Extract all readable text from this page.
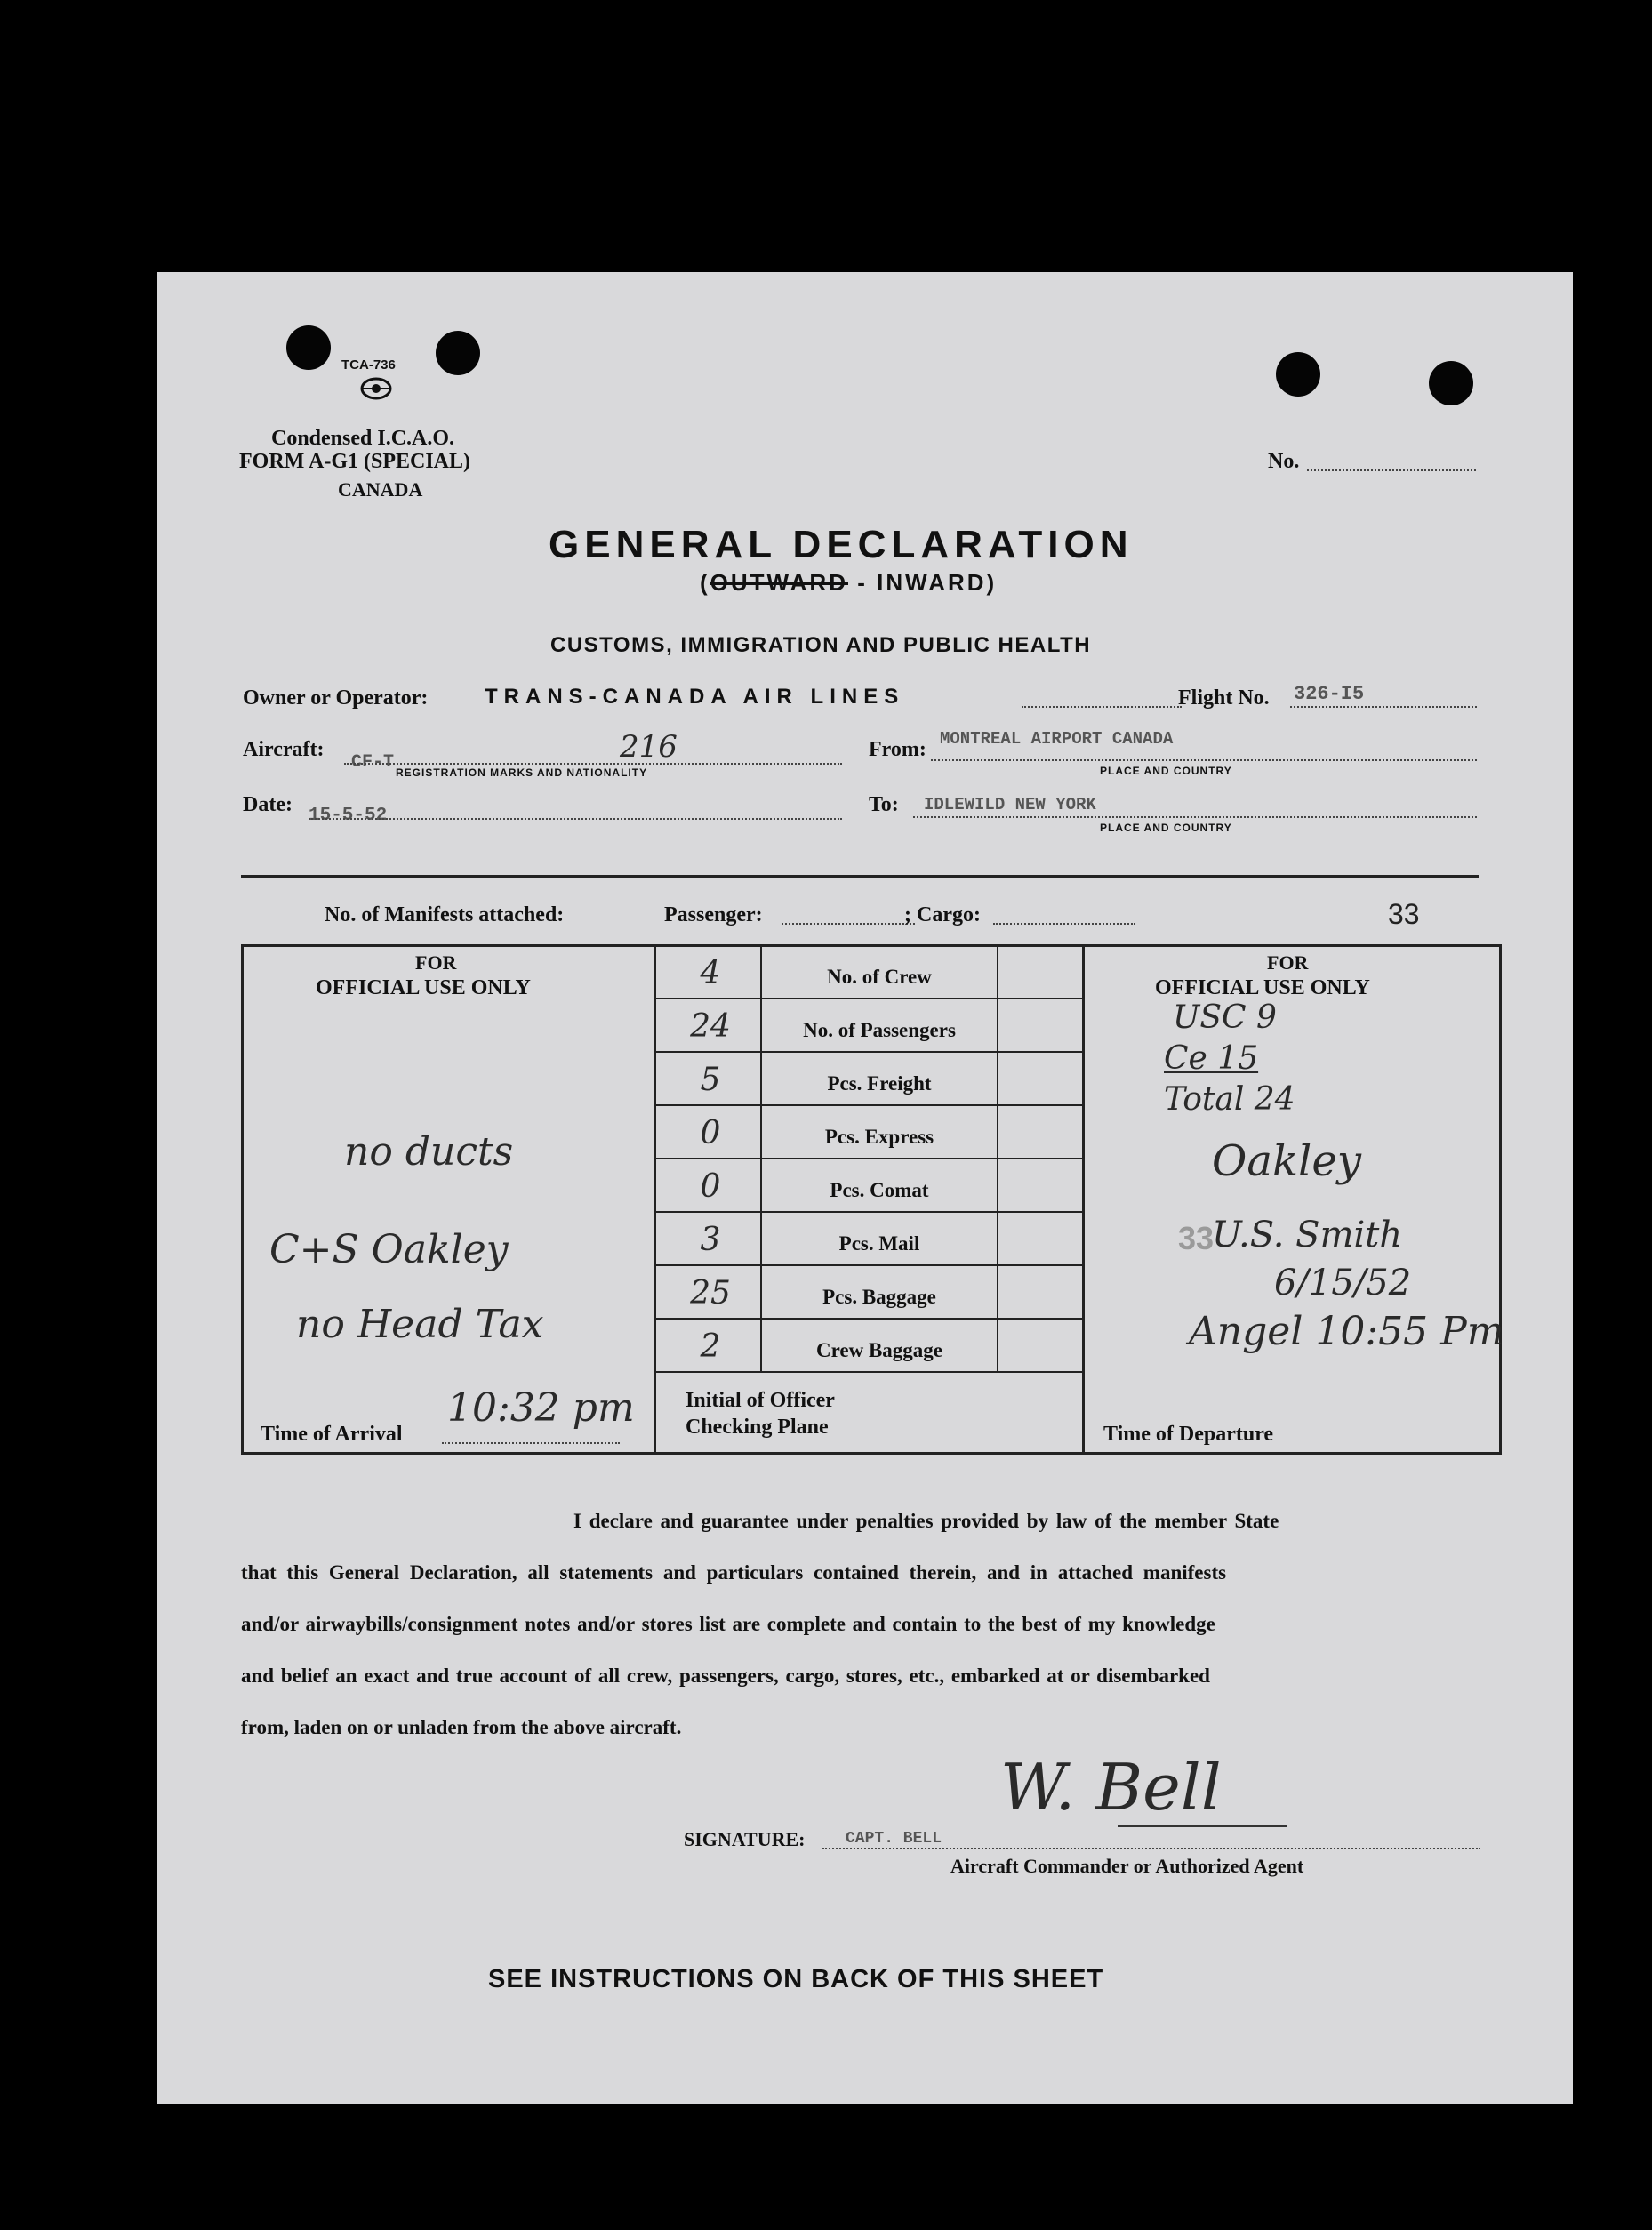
TCA-736
Condensed I.C.A.O.
FORM A-G1 (SPECIAL)
CANADA
No.
GENERAL DECLARATION
(OUTWARD - INWARD)
CUSTOMS, IMMIGRATION AND PUBLIC HEALTH
Owner or Operator:	TRANS-CANADA AIR LINES	Flight No. 326-I5
Aircraft:
CF-T	216
REGISTRATION MARKS AND NATIONALITY
From: MONTREAL AIRPORT CANADA
PLACE AND COUNTRY
Date: 15-5-52	To: IDLEWILD NEW YORK
PLACE AND COUNTRY
No. of Manifests attached:	Passenger:	; Cargo:	33
FOR
OFFICIAL USE ONLY
no ducts
C+S Oakley
no Head Tax
Time of Arrival
10:32 pm
4	No. of Crew
24	No. of Passengers
5	Pcs. Freight
0	Pcs. Express
0	Pcs. Comat
3	Pcs. Mail
25	Pcs. Baggage
2	Crew Baggage
Initial of Officer
Checking Plane
FOR
OFFICIAL USE ONLY
USC 9
Ce 15
Total 24
Oakley
33
U.S. Smith
6/15/52
Angel 10:55 Pm
Time of Departure
I declare and guarantee under penalties provided by law of the member State
that this General Declaration, all statements and particulars contained therein, and in attached manifests
and/or airwaybills/consignment notes and/or stores list are complete and contain to the best of my knowledge
and belief an exact and true account of all crew, passengers, cargo, stores, etc., embarked at or disembarked
from, laden on or unladen from the above aircraft.
W. Bell
SIGNATURE:	CAPT. BELL
Aircraft Commander or Authorized Agent
SEE INSTRUCTIONS ON BACK OF THIS SHEET
